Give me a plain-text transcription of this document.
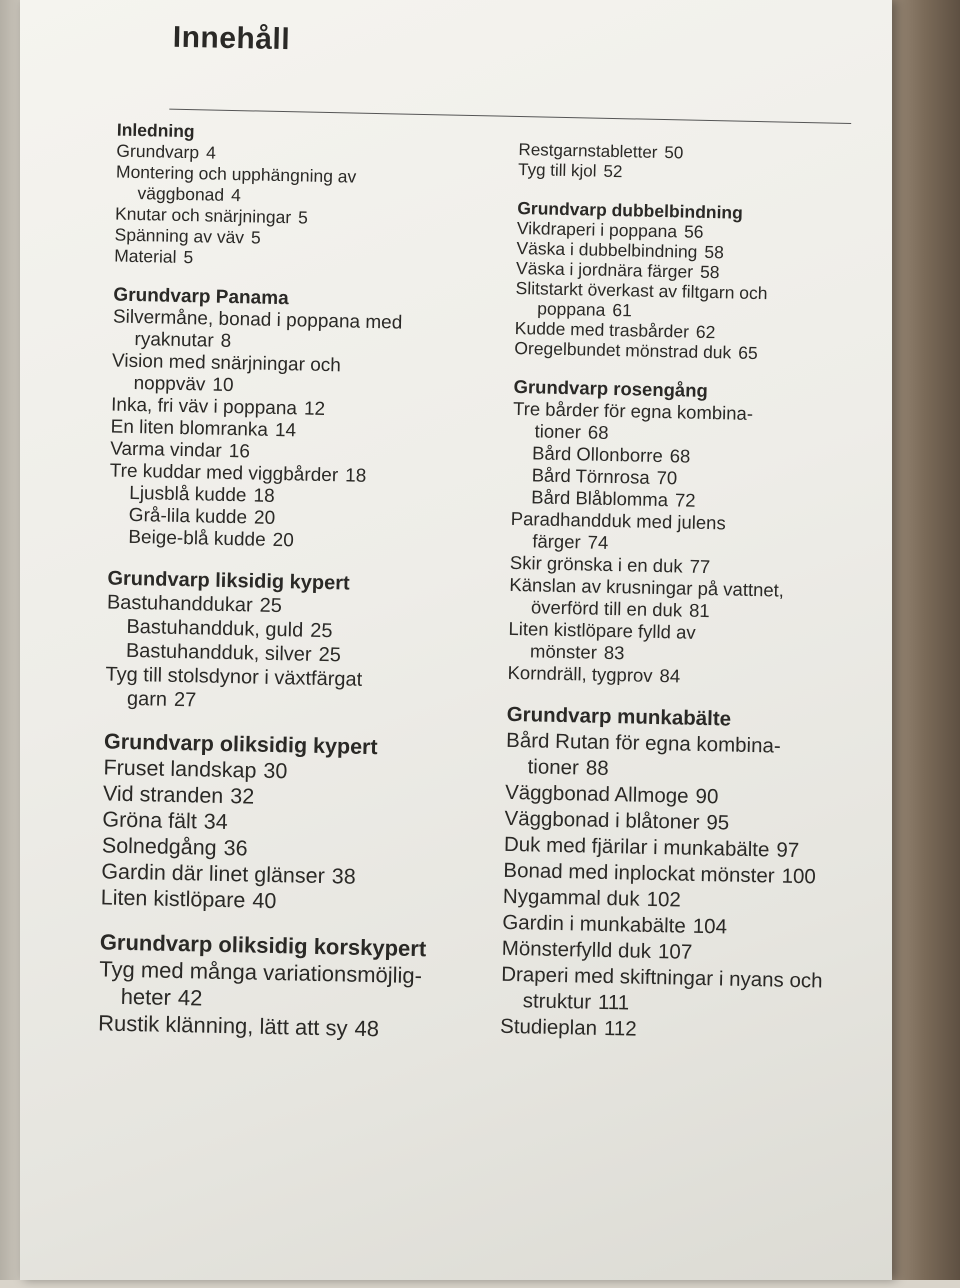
Innehåll

Inledning

Grundvarp 4

Montering och upphängning av

väggbonad 4

Knutar och snärjningar 5

Spänning av väv 5

Material 5

Grundvarp Panama

Silvermåne, bonad i poppana med

ryaknutar 8

Vision med snärjningar och

noppväv 10

Inka, fri väv i poppana 12

En liten blomranka 14

Varma vindar 16

Tre kuddar med viggbårder 18

Ljusblå kudde 18

Grå-lila kudde 20

Beige-blå kudde 20

Grundvarp liksidig kypert

Bastuhanddukar 25

Bastuhandduk, guld 25

Bastuhandduk, silver 25

Tyg till stolsdynor i växtfärgat

garn 27

Grundvarp oliksidig kypert

Fruset landskap 30

Vid stranden 32

Gröna fält 34

Solnedgång 36

Gardin där linet glänser 38

Liten kistlöpare 40

Grundvarp oliksidig korskypert

Tyg med många variationsmöjlig-

heter 42

Rustik klänning, lätt att sy 48

Restgarnstabletter 50

Tyg till kjol 52

Grundvarp dubbelbindning

Vikdraperi i poppana 56

Väska i dubbelbindning 58

Väska i jordnära färger 58

Slitstarkt överkast av filtgarn och

poppana 61

Kudde med trasbårder 62

Oregelbundet mönstrad duk 65

Grundvarp rosengång

Tre bårder för egna kombina-

tioner 68

Bård Ollonborre 68

Bård Törnrosa 70

Bård Blåblomma 72

Paradhandduk med julens

färger 74

Skir grönska i en duk 77

Känslan av krusningar på vattnet,

överförd till en duk 81

Liten kistlöpare fylld av

mönster 83

Korndräll, tygprov 84

Grundvarp munkabälte

Bård Rutan för egna kombina-

tioner 88

Väggbonad Allmoge 90

Väggbonad i blåtoner 95

Duk med fjärilar i munkabälte 97

Bonad med inplockat mönster 100

Nygammal duk 102

Gardin i munkabälte 104

Mönsterfylld duk 107

Draperi med skiftningar i nyans och

struktur 111

Studieplan 112
